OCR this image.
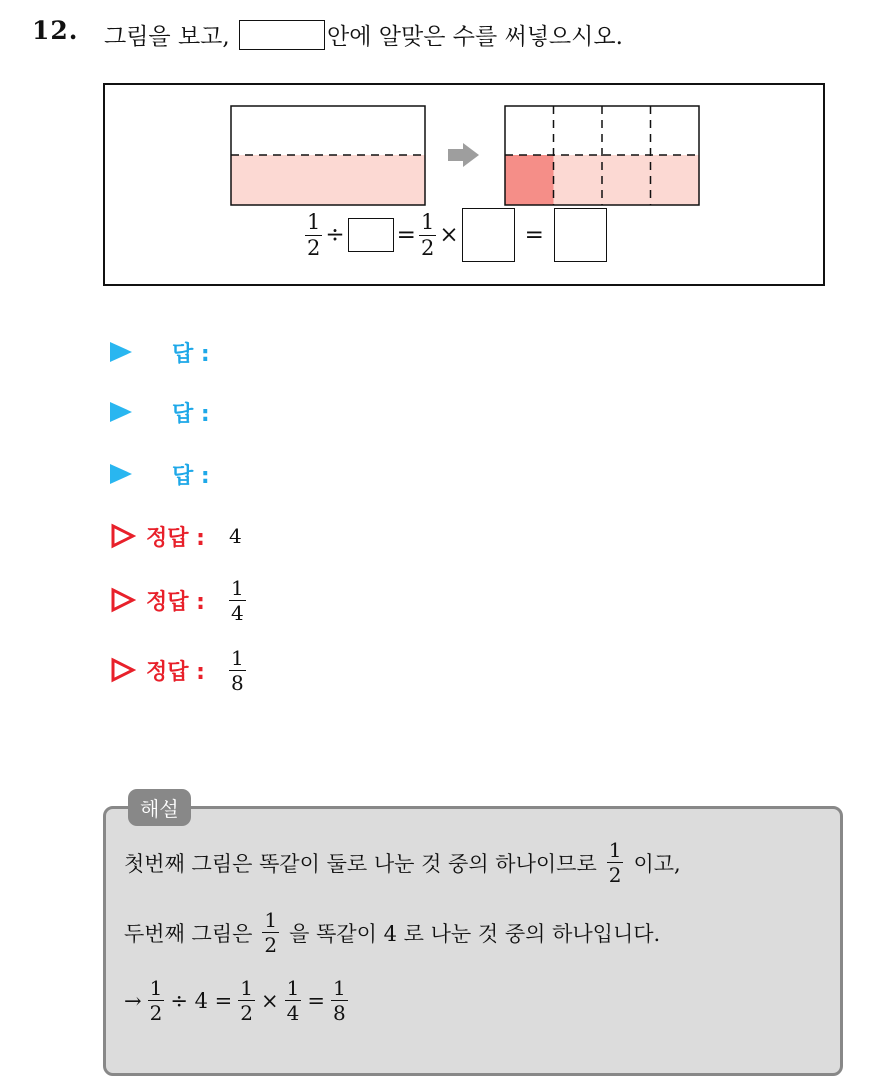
12. 그림을 보고,	안에 알맞은 수를 써넣으시오.
$\frac{1}{2}$ ÷ = $\frac{1}{2}$ ×	=
답 :
답 :
답 :
정답 : 4
정답 : $\frac{1}{4}$
정답 : $\frac{1}{8}$
해설
첫번째 그림은 똑같이 둘로 나눈 것 중의 하나이므로 $\frac{1}{2}$ 이고,
두번째 그림은 $\frac{1}{2}$ 을 똑같이 4 로 나눈 것 중의 하나입니다.
→ $\frac{1}{2} \div 4 = \frac{1}{2} \times \frac{1}{4} = \frac{1}{8}$
